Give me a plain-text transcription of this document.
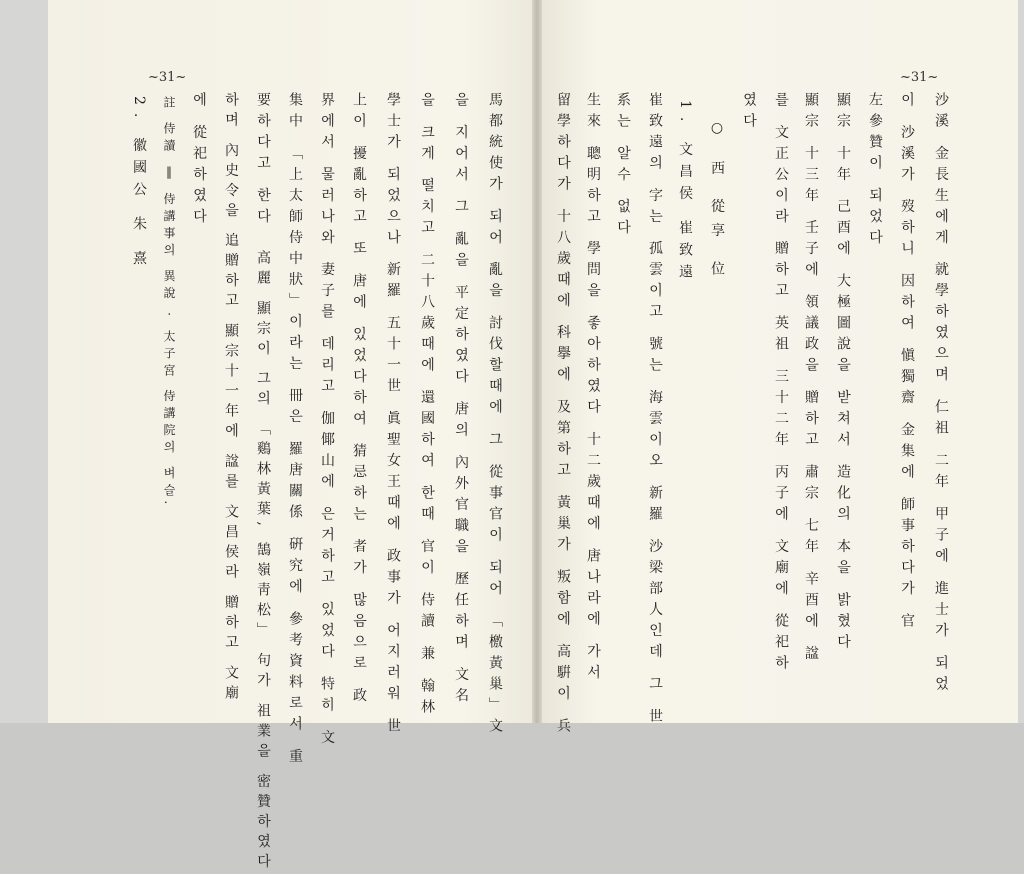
~31~	~31~
馬都統使가 되어 亂을 討伐할때에 그 從事官이 되어 「檄黃巢」文
을 지어서 그 亂을 平定하였다 唐의 內外官職을 歷任하며 文名
을 크게 떨치고 二十八歲때에 還國하여 한때 官이 侍讀 兼 翰林
學士가 되었으나 新羅 五十一世 眞聖女王때에 政事가 어지러워 世
上이 擾亂하고 또 唐에 있었다하여 猜忌하는 者가 많음으로 政
界에서 물러나와 妻子를 데리고 伽倻山에 은거하고 있었다 特히 文
集中 「上太師侍中狀」이라는 冊은 羅唐關係 硏究에 參考資料로서 重
要하다고 한다
高麗 顯宗이 그의 「鷄林黃葉, 鵠嶺靑松」 句가 祖業을 密贊하였다
하며 內史令을 追贈하고 顯宗十一年에 諡를 文昌侯라 贈하고 文廟
에 從祀하였다
註 侍讀 ‖ 侍講事의 異說 · 太子宮 侍講院의 벼슬.
2. 徽國公 朱 熹	沙溪 金長生에게 就學하였으며 仁祖 二年 甲子에 進士가 되었
이 沙溪가 歿하니 因하여 愼獨齋 金集에 師事하다가 官
左參贊이 되었다
顯宗 十年 己酉에 大極圖說을 받쳐서 造化의 本을 밝혔다
顯宗 十三年 壬子에 領議政을 贈하고 肅宗 七年 辛酉에 諡
를 文正公이라 贈하고 英祖 三十二年 丙子에 文廟에 從祀하
였다
○ 西 從享 位
1. 文昌侯 崔致遠
崔致遠의 字는 孤雲이고 號는 海雲이오 新羅 沙梁部人인데 그 世
系는 알수 없다
生來 聰明하고 學問을 좋아하였다 十二歲때에 唐나라에 가서
留學하다가 十八歲때에 科擧에 及第하고 黃巢가 叛함에 高騈이 兵
